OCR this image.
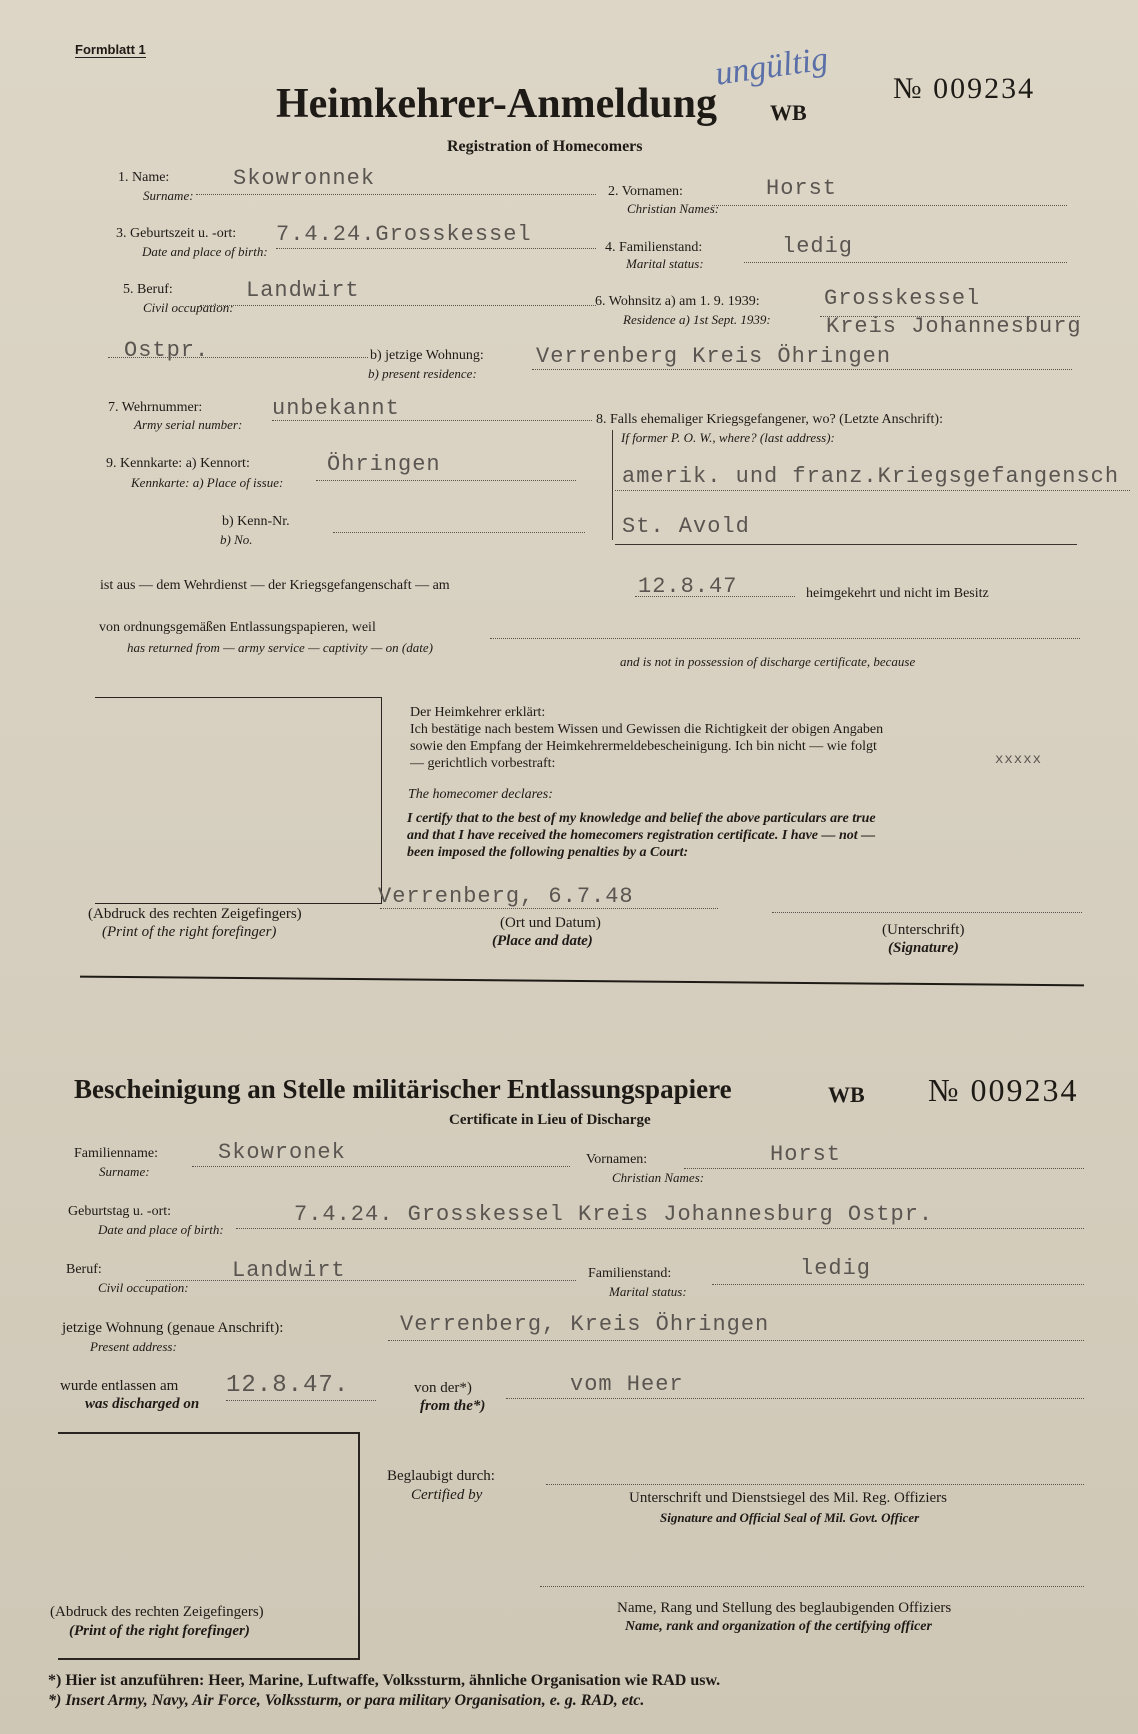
Formblatt 1
Heimkehrer-Anmeldung WB
ungültig № 009234
Registration of Homecomers
1. Name:
Surname:
Skowronnek
2. Vornamen:
Christian Names:
Horst
3. Geburtszeit u. -ort:
Date and place of birth:
7.4.24.Grosskessel
4. Familienstand:
Marital status:
ledig
5. Beruf:
Civil occupation:
Landwirt	6. Wohnsitz a) am 1. 9. 1939:
Residence a) 1st Sept. 1939:
Grosskessel
Kreis Johannesburg
Ostpr.	b) jetzige Wohnung:
b) present residence:
Verrenberg Kreis Öhringen
7. Wehrnummer:
Army serial number:
unbekannt	8. Falls ehemaliger Kriegsgefangener, wo? (Letzte Anschrift):
If former P. O. W., where? (last address):
amerik. und franz.Kriegsgefangensch
St. Avold
9. Kennkarte: a) Kennort:
Kennkarte: a) Place of issue:
Öhringen
b) Kenn-Nr.
b) No.
ist aus — dem Wehrdienst — der Kriegsgefangenschaft — am	12.8.47	heimgekehrt und nicht im Besitz
von ordnungsgemäßen Entlassungspapieren, weil
has returned from — army service — captivity — on (date)
and is not in possession of discharge certificate, because
(Abdruck des rechten Zeigefingers)
(Print of the right forefinger)
Der Heimkehrer erklärt:
Ich bestätige nach bestem Wissen und Gewissen die Richtigkeit der obigen Angaben
sowie den Empfang der Heimkehrermeldebescheinigung. Ich bin nicht — wie folgt
— gerichtlich vorbestraft:	xxxxx
The homecomer declares:
I certify that to the best of my knowledge and belief the above particulars are true
and that I have received the homecomers registration certificate. I have — not —
been imposed the following penalties by a Court:
Verrenberg, 6.7.48
(Ort und Datum)
(Place and date)
(Unterschrift)
(Signature)
Bescheinigung an Stelle militärischer Entlassungspapiere	WB № 009234
Certificate in Lieu of Discharge
Familienname:
Surname:
Skowronek	Vornamen:
Christian Names:
Horst
Geburtstag u. -ort:
Date and place of birth:
7.4.24. Grosskessel Kreis Johannesburg Ostpr.
Beruf:
Civil occupation:
Landwirt	Familienstand:
Marital status:
ledig
jetzige Wohnung (genaue Anschrift):
Present address:
Verrenberg, Kreis Öhringen
wurde entlassen am
was discharged on
12.8.47.	von der*)
from the*)
vom Heer
(Abdruck des rechten Zeigefingers)
(Print of the right forefinger)
Beglaubigt durch:
Certified by	Unterschrift und Dienstsiegel des Mil. Reg. Offiziers
Signature and Official Seal of Mil. Govt. Officer
Name, Rang und Stellung des beglaubigenden Offiziers
Name, rank and organization of the certifying officer
*) Hier ist anzuführen: Heer, Marine, Luftwaffe, Volkssturm, ähnliche Organisation wie RAD usw.
*) Insert Army, Navy, Air Force, Volkssturm, or para military Organisation, e. g. RAD, etc.
